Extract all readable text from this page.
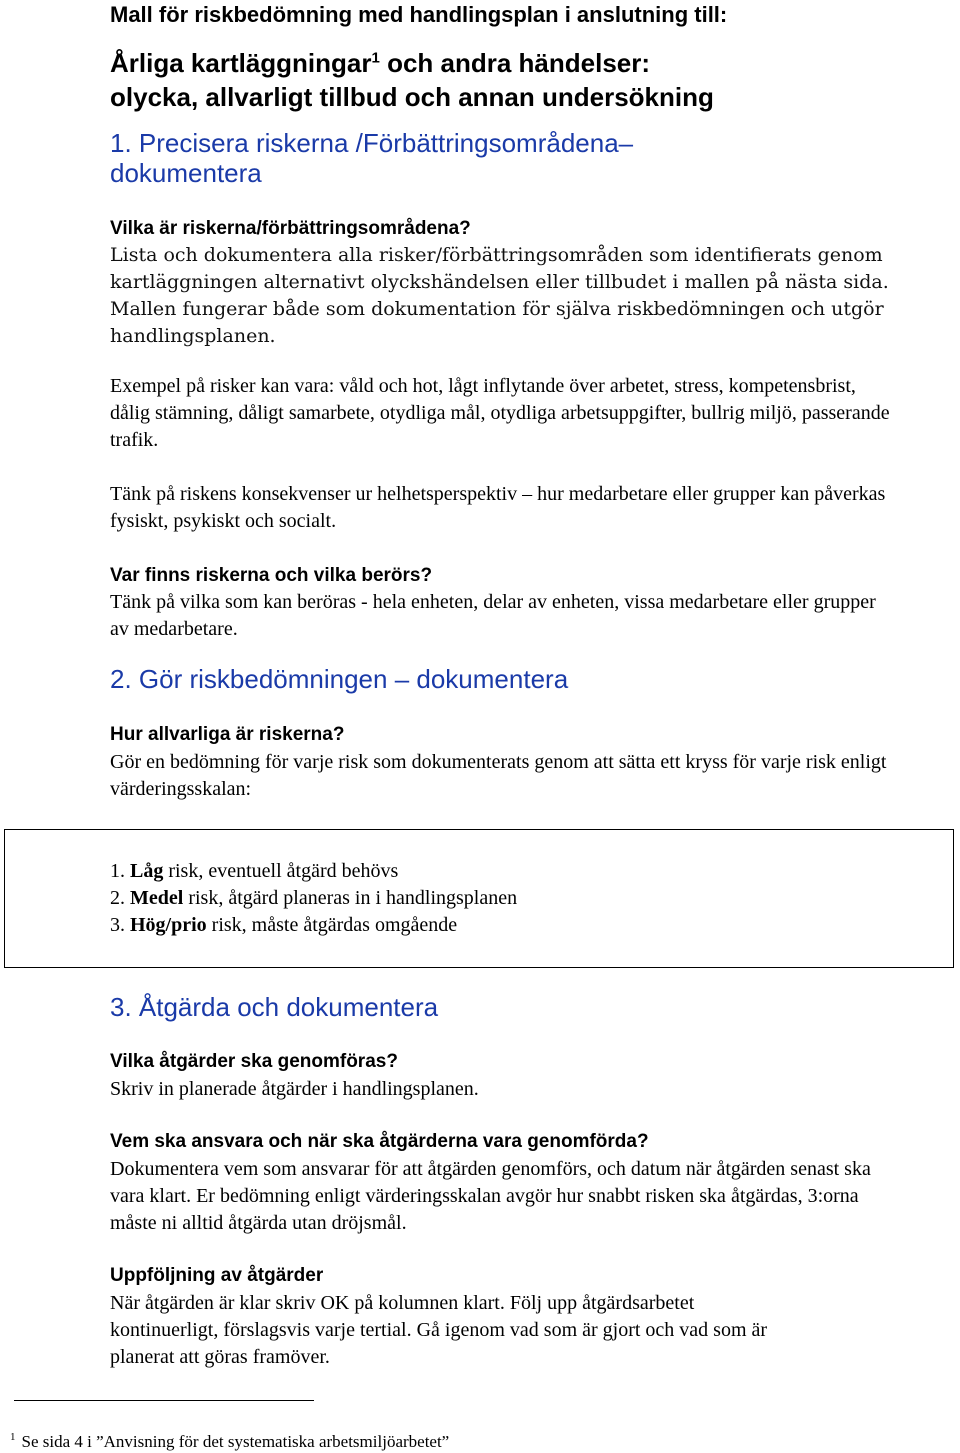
Mall för riskbedömning med handlingsplan i anslutning till:

Årliga kartläggningar$^1$ och andra händelser:
olycka, allvarligt tillbud och annan undersökning

1. Precisera riskerna /Förbättringsområdena–
dokumentera

Vilka är riskerna/förbättringsområdena?

Lista och dokumentera alla risker/förbättringsområden som identifierats genom kartläggningen alternativt olyckshändelsen eller tillbudet i mallen på nästa sida. Mallen fungerar både som dokumentation för själva riskbedömningen och utgör handlingsplanen.

Exempel på risker kan vara: våld och hot, lågt inflytande över arbetet, stress, kompetensbrist, dålig stämning, dåligt samarbete, otydliga mål, otydliga arbetsuppgifter, bullrig miljö, passerande trafik.

Tänk på riskens konsekvenser ur helhetsperspektiv – hur medarbetare eller grupper kan påverkas fysiskt, psykiskt och socialt.

Var finns riskerna och vilka berörs?

Tänk på vilka som kan beröras - hela enheten, delar av enheten, vissa medarbetare eller grupper av medarbetare.

2. Gör riskbedömningen – dokumentera

Hur allvarliga är riskerna?

Gör en bedömning för varje risk som dokumenterats genom att sätta ett kryss för varje risk enligt värderingsskalan:

1. Låg risk, eventuell åtgärd behövs
2. Medel risk, åtgärd planeras in i handlingsplanen
3. Hög/prio risk, måste åtgärdas omgående

3. Åtgärda och dokumentera

Vilka åtgärder ska genomföras?

Skriv in planerade åtgärder i handlingsplanen.

Vem ska ansvara och när ska åtgärderna vara genomförda?

Dokumentera vem som ansvarar för att åtgärden genomförs, och datum när åtgärden senast ska vara klart. Er bedömning enligt värderingsskalan avgör hur snabbt risken ska åtgärdas, 3:orna måste ni alltid åtgärda utan dröjsmål.

Uppföljning av åtgärder

När åtgärden är klar skriv OK på kolumnen klart. Följ upp åtgärdsarbetet kontinuerligt, förslagsvis varje tertial. Gå igenom vad som är gjort och vad som är planerat att göras framöver.

$^1$ Se sida 4 i ”Anvisning för det systematiska arbetsmiljöarbetet”
